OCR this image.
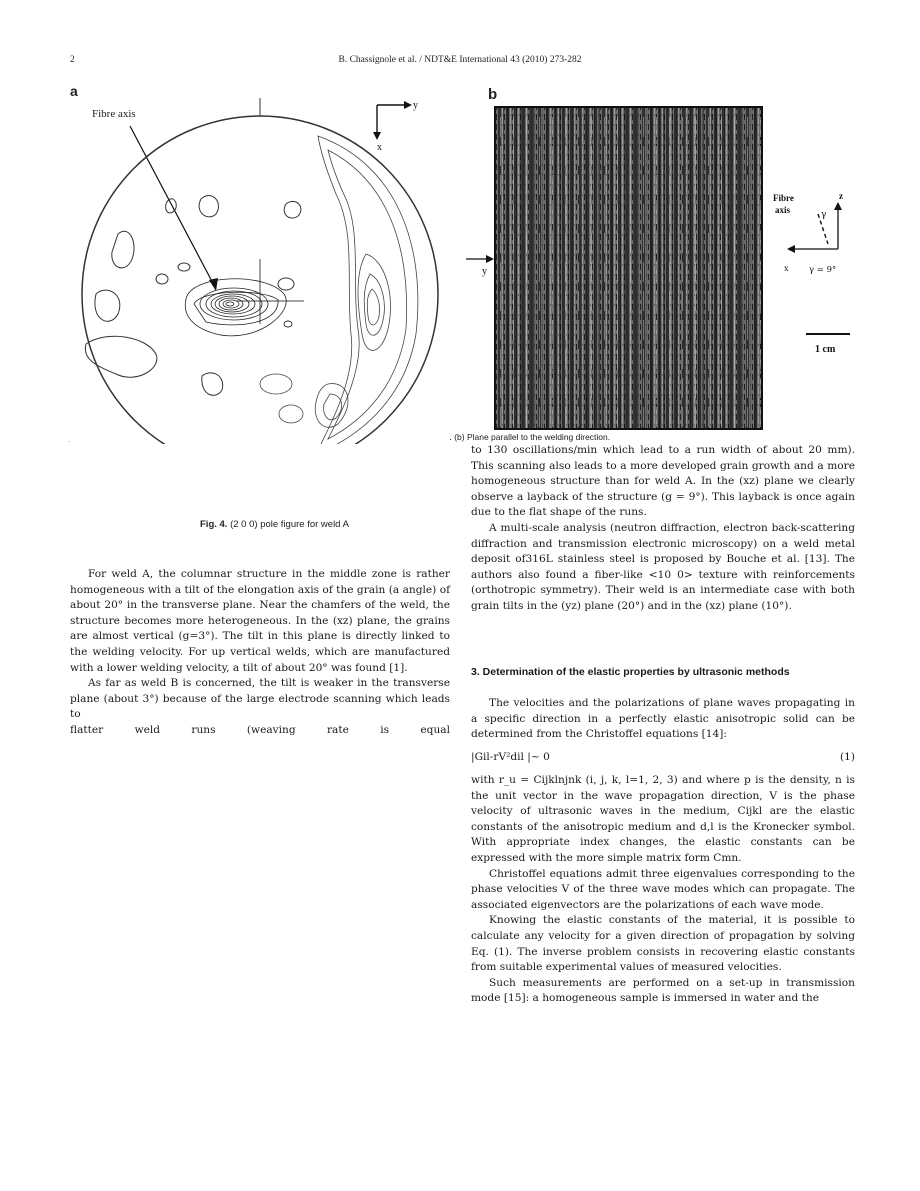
2	B. Chassignole et al. / NDT&E International 43 (2010) 273-282
a
Fibre axis
y
x
.
b
y
Fibre
axis
z
γ
x γ = 9°
1 cm
․ (b) Plane parallel to the welding direction.
Fig. 4. (2 0 0) pole figure for weld A

For weld A, the columnar structure in the middle zone is rather homogeneous with a tilt of the elongation axis of the grain (a angle) of about 20° in the transverse plane. Near the chamfers of the weld, the structure becomes more heterogeneous. In the (xz) plane, the grains are almost vertical (g=3°). The tilt in this plane is directly linked to the welding velocity. For up vertical welds, which are manufactured with a lower welding velocity, a tilt of about 20° was found [1].

As far as weld B is concerned, the tilt is weaker in the transverse plane (about 3°) because of the large electrode scanning which leads to

flatter	weld	runs	(weaving	rate	is	equal

to 130 oscillations/min which lead to a run width of about 20 mm). This scanning also leads to a more developed grain growth and a more homogeneous structure than for weld A. In the (xz) plane we clearly observe a layback of the structure (g = 9°). This layback is once again due to the flat shape of the runs.

A multi-scale analysis (neutron diffraction, electron back-scattering diffraction and transmission electronic microscopy) on a weld metal deposit of316L stainless steel is proposed by Bouche et al. [13]. The authors also found a fiber-like <10 0> texture with reinforcements (orthotropic symmetry). Their weld is an intermediate case with both grain tilts in the (yz) plane (20°) and in the (xz) plane (10°).

3. Determination of the elastic properties by ultrasonic methods

The velocities and the polarizations of plane waves propagating in a specific direction in a perfectly elastic anisotropic solid can be determined from the Christoffel equations [14]:

|Gil-rV²dil |~ 0	(1)

with r_u = Cijklnjnk (i, j, k, l=1, 2, 3) and where p is the density, n is the unit vector in the wave propagation direction, V is the phase velocity of ultrasonic waves in the medium, Cijkl are the elastic constants of the anisotropic medium and d,l is the Kronecker symbol. With appropriate index changes, the elastic constants can be expressed with the more simple matrix form Cmn.

Christoffel equations admit three eigenvalues corresponding to the phase velocities V of the three wave modes which can propagate. The associated eigenvectors are the polarizations of each wave mode.

Knowing the elastic constants of the material, it is possible to calculate any velocity for a given direction of propagation by solving Eq. (1). The inverse problem consists in recovering elastic constants from suitable experimental values of measured velocities.

Such measurements are performed on a set-up in transmission mode [15]: a homogeneous sample is immersed in water and the
